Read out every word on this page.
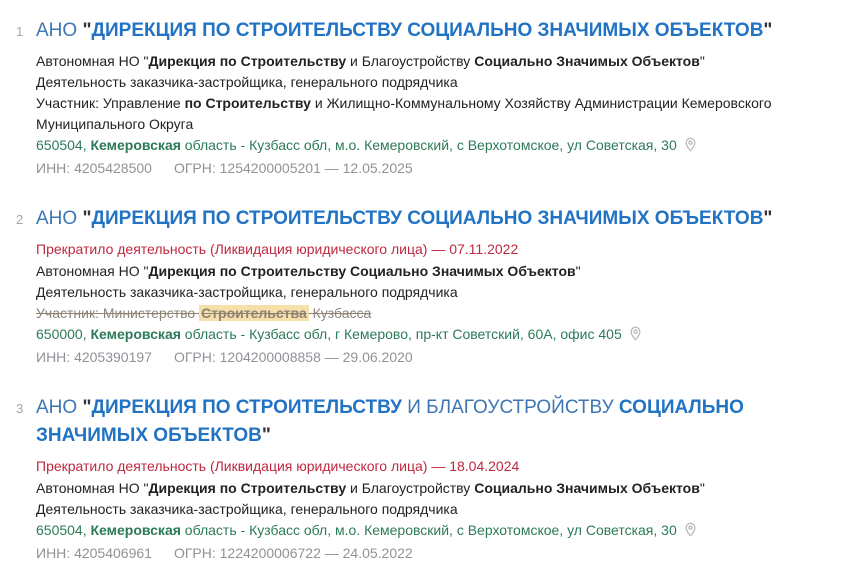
1 АНО "ДИРЕКЦИЯ ПО СТРОИТЕЛЬСТВУ СОЦИАЛЬНО ЗНАЧИМЫХ ОБЪЕКТОВ"

Автономная НО "Дирекция по Строительству и Благоустройству Социально Значимых Объектов"

Деятельность заказчика-застройщика, генерального подрядчика

Участник: Управление по Строительству и Жилищно-Коммунальному Хозяйству Администрации Кемеровского Муниципального Округа

650504, Кемеровская область - Кузбасс обл, м.о. Кемеровский, с Верхотомское, ул Советская, 30

ИНН: 4205428500 ОГРН: 1254200005201 — 12.05.2025

2 АНО "ДИРЕКЦИЯ ПО СТРОИТЕЛЬСТВУ СОЦИАЛЬНО ЗНАЧИМЫХ ОБЪЕКТОВ"

Прекратило деятельность (Ликвидация юридического лица) — 07.11.2022

Автономная НО "Дирекция по Строительству Социально Значимых Объектов"

Деятельность заказчика-застройщика, генерального подрядчика

Участник: Министерство Строительства Кузбасса

650000, Кемеровская область - Кузбасс обл, г Кемерово, пр-кт Советский, 60А, офис 405

ИНН: 4205390197 ОГРН: 1204200008858 — 29.06.2020

3 АНО "ДИРЕКЦИЯ ПО СТРОИТЕЛЬСТВУ И БЛАГОУСТРОЙСТВУ СОЦИАЛЬНО ЗНАЧИМЫХ ОБЪЕКТОВ"

Прекратило деятельность (Ликвидация юридического лица) — 18.04.2024

Автономная НО "Дирекция по Строительству и Благоустройству Социально Значимых Объектов"

Деятельность заказчика-застройщика, генерального подрядчика

650504, Кемеровская область - Кузбасс обл, м.о. Кемеровский, с Верхотомское, ул Советская, 30

ИНН: 4205406961 ОГРН: 1224200006722 — 24.05.2022
